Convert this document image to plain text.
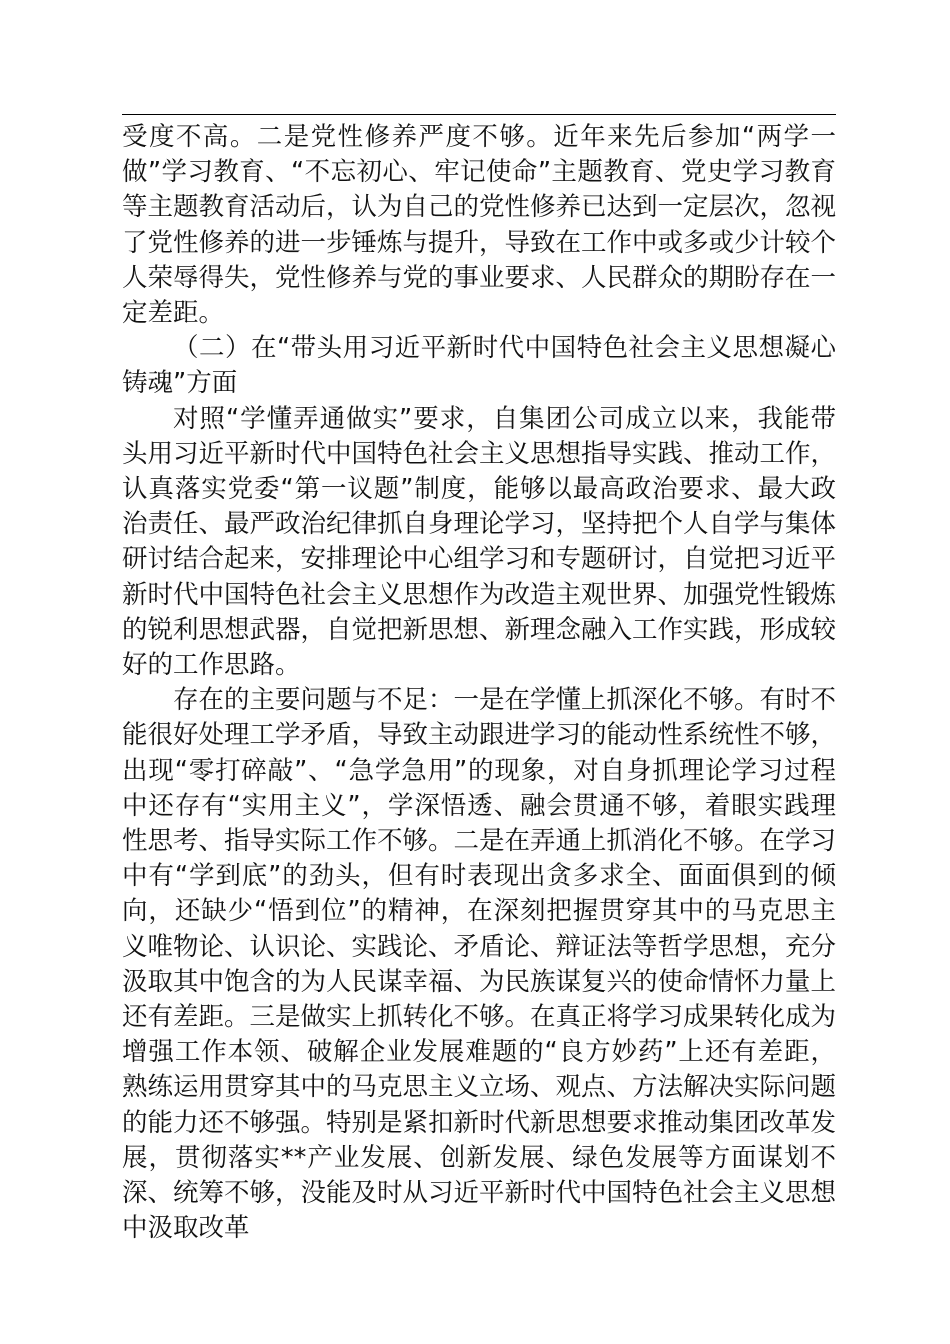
受度不高。二是党性修养严度不够。近年来先后参加“两学一做”学习教育、“不忘初心、牢记使命”主题教育、党史学习教育等主题教育活动后，认为自己的党性修养已达到一定层次，忽视了党性修养的进一步锤炼与提升，导致在工作中或多或少计较个人荣辱得失，党性修养与党的事业要求、人民群众的期盼存在一定差距。

（二）在“带头用习近平新时代中国特色社会主义思想凝心铸魂”方面

对照“学懂弄通做实”要求，自集团公司成立以来，我能带头用习近平新时代中国特色社会主义思想指导实践、推动工作，认真落实党委“第一议题”制度，能够以最高政治要求、最大政治责任、最严政治纪律抓自身理论学习，坚持把个人自学与集体研讨结合起来，安排理论中心组学习和专题研讨，自觉把习近平新时代中国特色社会主义思想作为改造主观世界、加强党性锻炼的锐利思想武器，自觉把新思想、新理念融入工作实践，形成较好的工作思路。

存在的主要问题与不足：一是在学懂上抓深化不够。有时不能很好处理工学矛盾，导致主动跟进学习的能动性系统性不够，出现“零打碎敲”、“急学急用”的现象，对自身抓理论学习过程中还存有“实用主义”，学深悟透、融会贯通不够，着眼实践理性思考、指导实际工作不够。二是在弄通上抓消化不够。在学习中有“学到底”的劲头，但有时表现出贪多求全、面面俱到的倾向，还缺少“悟到位”的精神，在深刻把握贯穿其中的马克思主义唯物论、认识论、实践论、矛盾论、辩证法等哲学思想，充分汲取其中饱含的为人民谋幸福、为民族谋复兴的使命情怀力量上还有差距。三是做实上抓转化不够。在真正将学习成果转化成为增强工作本领、破解企业发展难题的“良方妙药”上还有差距，熟练运用贯穿其中的马克思主义立场、观点、方法解决实际问题的能力还不够强。特别是紧扣新时代新思想要求推动集团改革发展，贯彻落实**产业发展、创新发展、绿色发展等方面谋划不深、统筹不够，没能及时从习近平新时代中国特色社会主义思想中汲取改革
